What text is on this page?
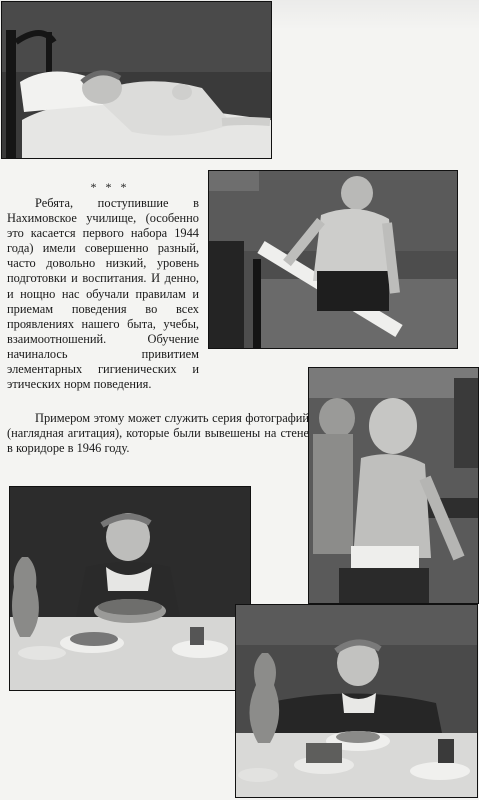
* * *

Ребята, поступившие в Нахимовское училище, (особенно это касается первого набора 1944 года) имели совершенно разный, часто довольно низкий, уровень подготовки и воспитания. И денно, и нощно нас обучали правилам и приемам поведения во всех проявлениях нашего быта, учебы, взаимоотношений. Обучение начиналось привитием элементарных гигиенических и этических норм поведения.

Примером этому может служить серия фотографий (наглядная агитация), которые были вывешены на стене в коридоре в 1946 году.
